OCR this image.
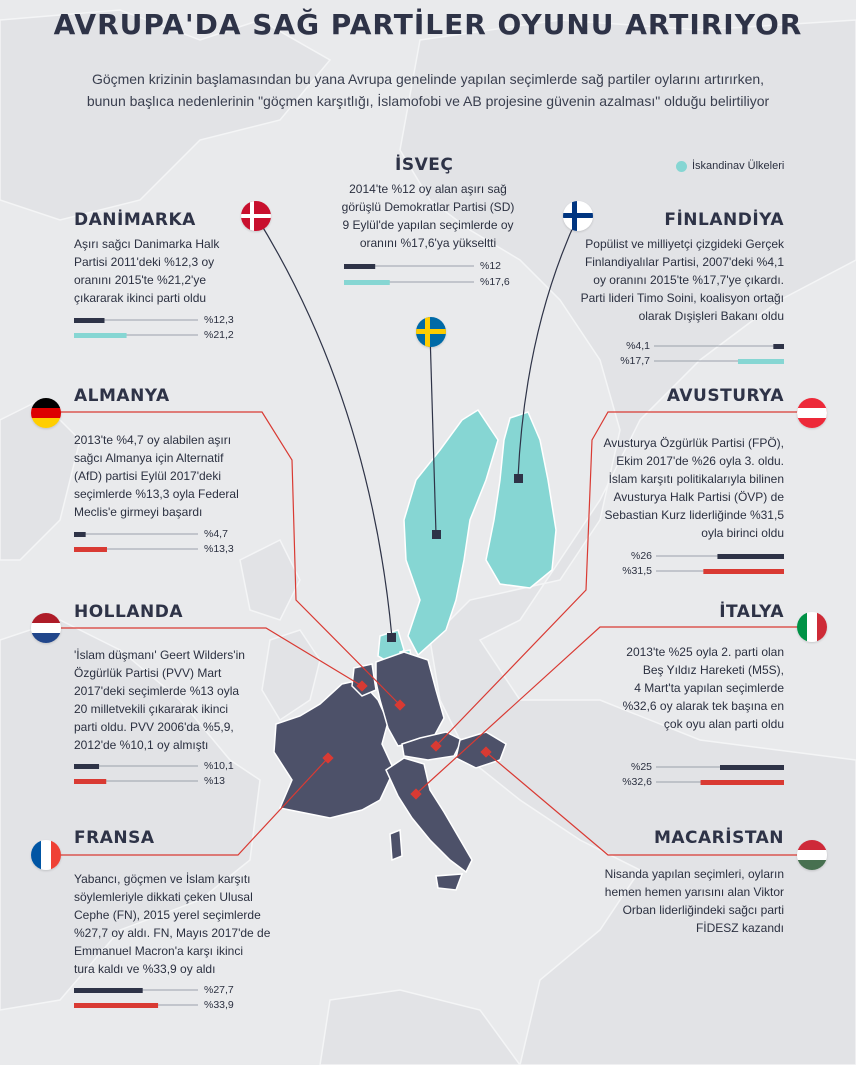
AVRUPA'DA SAĞ PARTİLER OYUNU ARTIRIYOR
Göçmen krizinin başlamasından bu yana Avrupa genelinde yapılan seçimlerde sağ partiler oylarını artırırken,
bunun başlıca nedenlerinin "göçmen karşıtlığı, İslamofobi ve AB projesine güvenin azalması" olduğu belirtiliyor
İskandinav Ülkeleri
İSVEÇ
2014'te %12 oy alan aşırı sağ
görüşlü Demokratlar Partisi (SD)
9 Eylül'de yapılan seçimlerde oy
oranını %17,6'ya yükseltti
%12
%17,6
DANİMARKA
Aşırı sağcı Danimarka Halk
Partisi 2011'deki %12,3 oy
oranını 2015'te %21,2'ye
çıkararak ikinci parti oldu
%12,3
%21,2
FİNLANDİYA
Popülist ve milliyetçi çizgideki Gerçek
Finlandiyalılar Partisi, 2007'deki %4,1
oy oranını 2015'te %17,7'ye çıkardı.
Parti lideri Timo Soini, koalisyon ortağı
olarak Dışişleri Bakanı oldu
%4,1
%17,7
ALMANYA
2013'te %4,7 oy alabilen aşırı
sağcı Almanya için Alternatif
(AfD) partisi Eylül 2017'deki
seçimlerde %13,3 oyla Federal
Meclis'e girmeyi başardı
%4,7
%13,3
AVUSTURYA
Avusturya Özgürlük Partisi (FPÖ),
Ekim 2017'de %26 oyla 3. oldu.
İslam karşıtı politikalarıyla bilinen
Avusturya Halk Partisi (ÖVP) de
Sebastian Kurz liderliğinde %31,5
oyla birinci oldu
%26
%31,5
HOLLANDA
'İslam düşmanı' Geert Wilders'in
Özgürlük Partisi (PVV) Mart
2017'deki seçimlerde %13 oyla
20 milletvekili çıkararak ikinci
parti oldu. PVV 2006'da %5,9,
2012'de %10,1 oy almıştı
%10,1
%13
İTALYA
2013'te %25 oyla 2. parti olan
Beş Yıldız Hareketi (M5S),
4 Mart'ta yapılan seçimlerde
%32,6 oy alarak tek başına en
çok oyu alan parti oldu
%25
%32,6
FRANSA
Yabancı, göçmen ve İslam karşıtı
söylemleriyle dikkati çeken Ulusal
Cephe (FN), 2015 yerel seçimlerde
%27,7 oy aldı. FN, Mayıs 2017'de de
Emmanuel Macron'a karşı ikinci
tura kaldı ve %33,9 oy aldı
%27,7
%33,9
MACARİSTAN
Nisanda yapılan seçimleri, oyların
hemen hemen yarısını alan Viktor
Orban liderliğindeki sağcı parti
FİDESZ kazandı
